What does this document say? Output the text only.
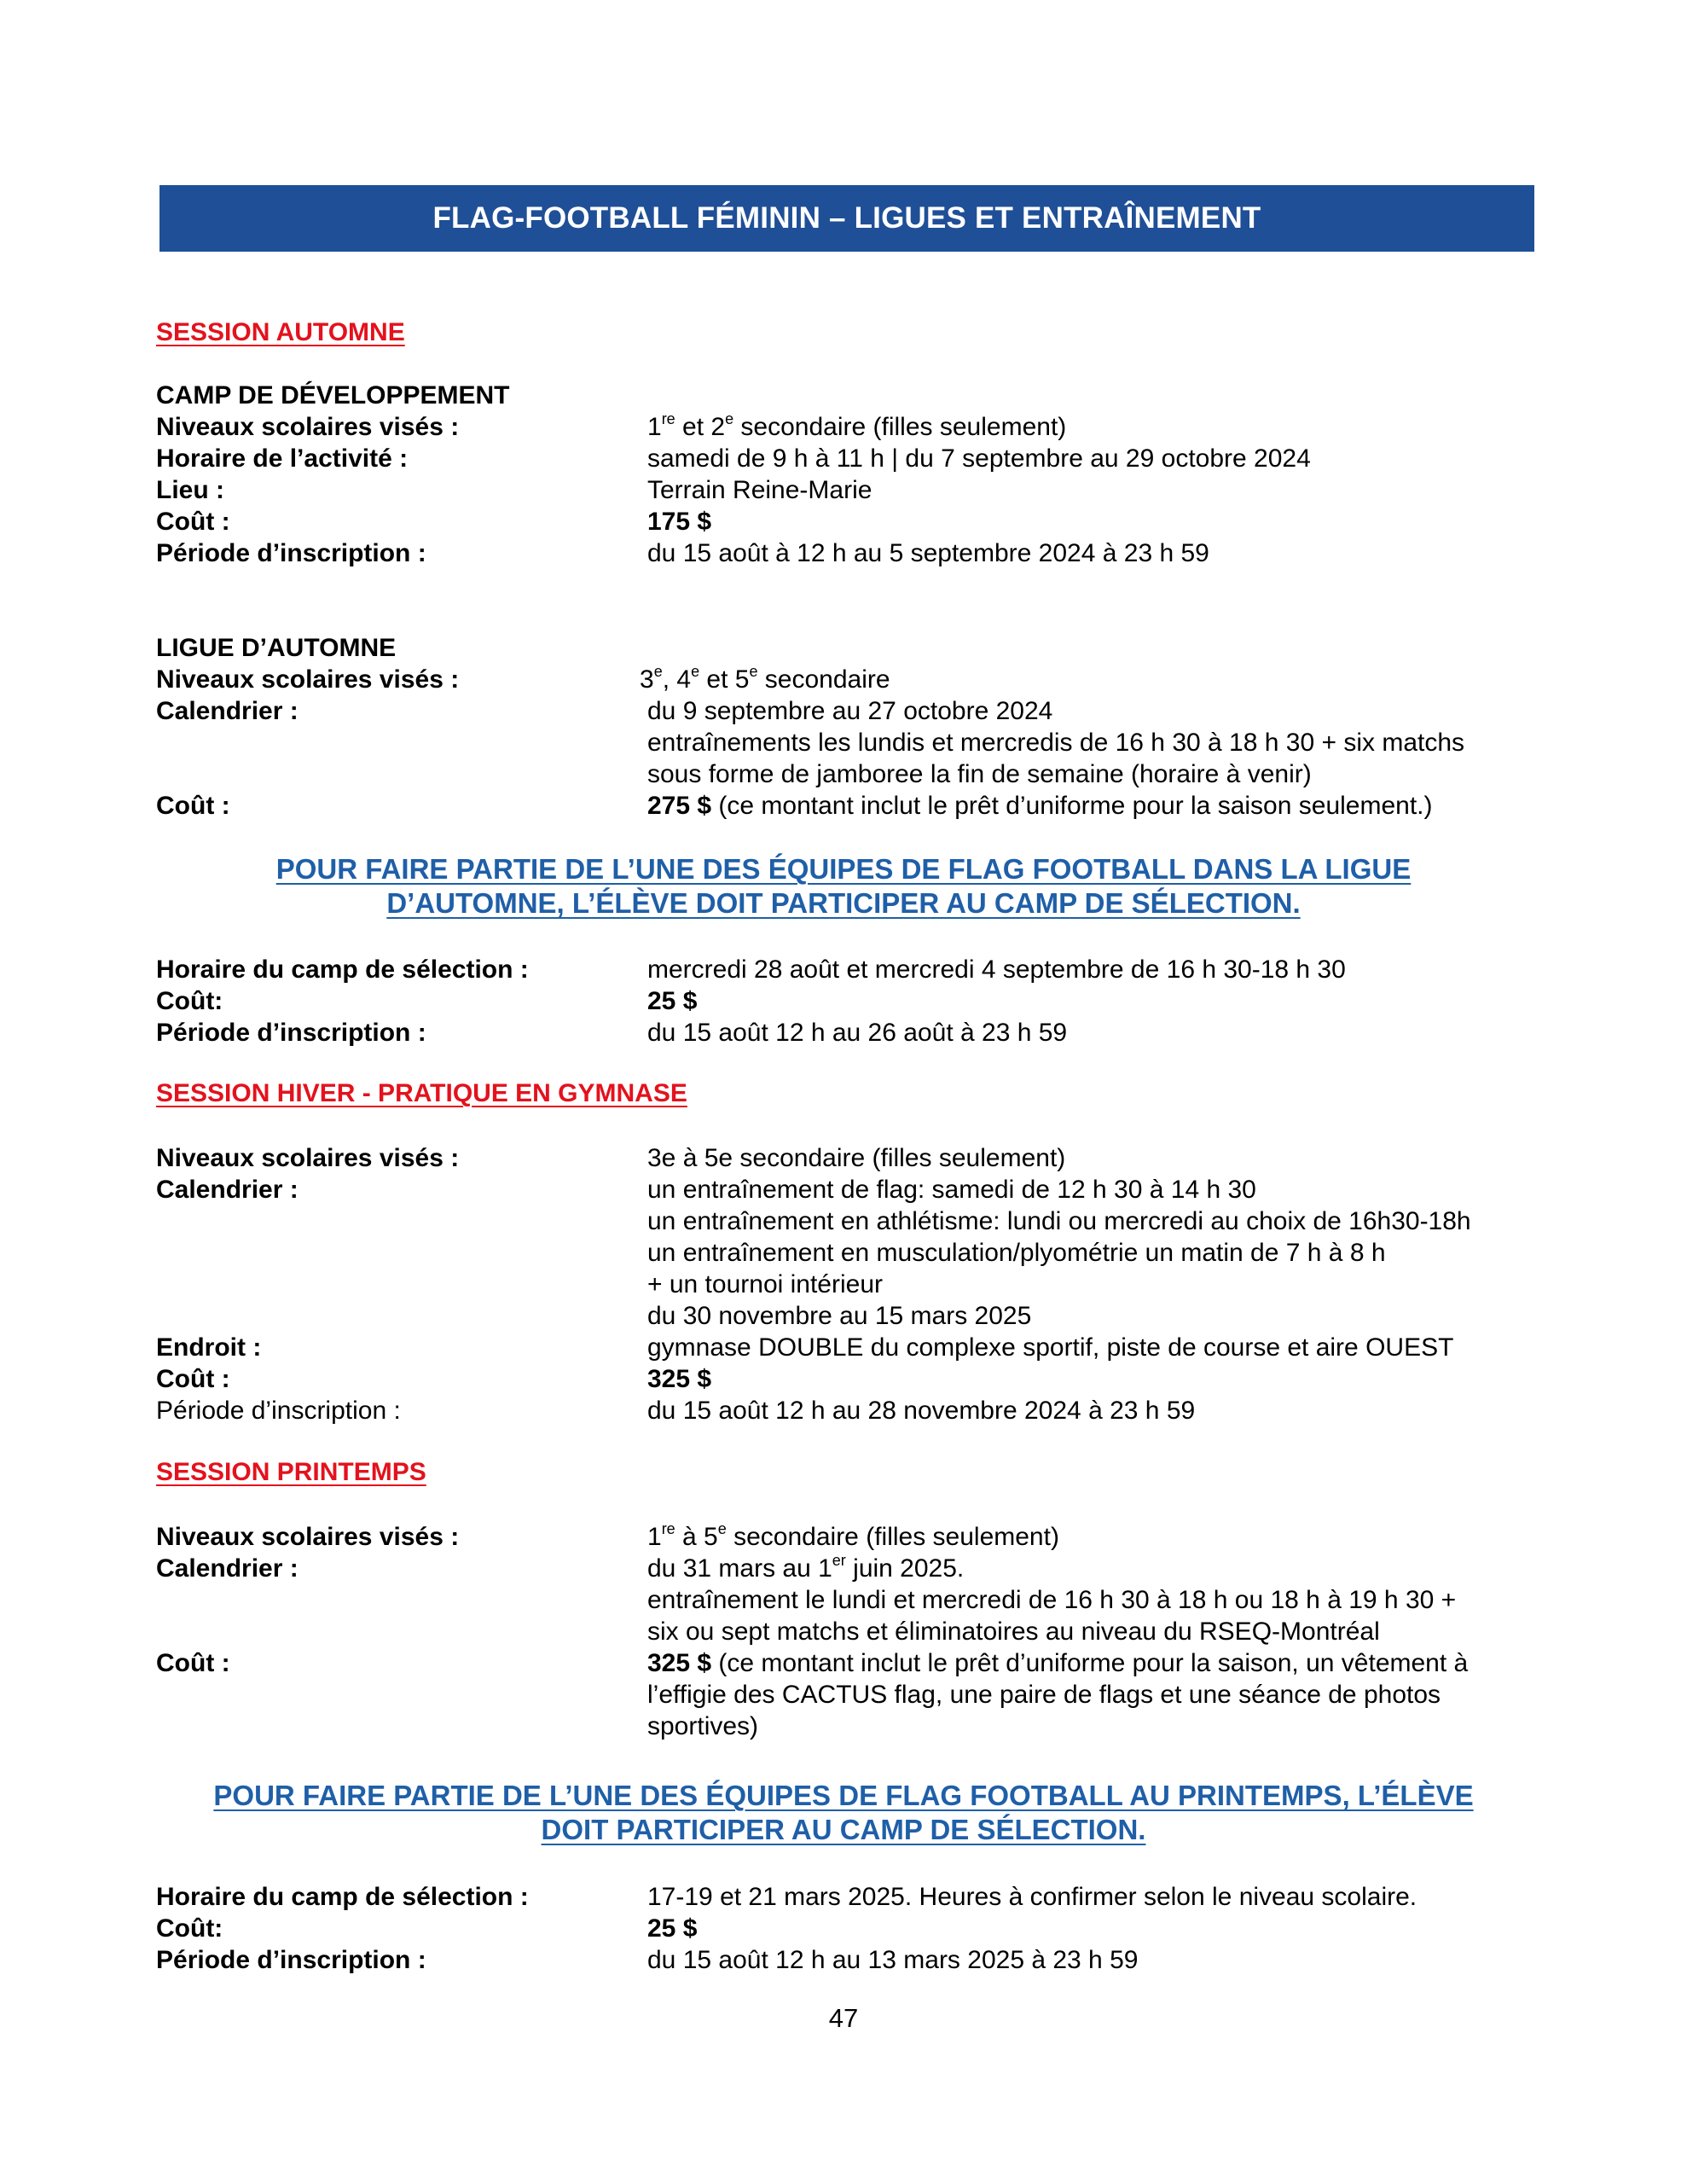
FLAG-FOOTBALL FÉMININ – LIGUES ET ENTRAÎNEMENT
SESSION AUTOMNE
CAMP DE DÉVELOPPEMENT
Niveaux scolaires visés :	1re et 2e secondaire (filles seulement)
Horaire de l’activité :	samedi de 9 h à 11 h | du 7 septembre au 29 octobre 2024
Lieu :	Terrain Reine-Marie
Coût :	175 $
Période d’inscription :	du 15 août à 12 h au 5 septembre 2024 à 23 h 59
LIGUE D’AUTOMNE
Niveaux scolaires visés :	3e, 4e et 5e secondaire
Calendrier :	du 9 septembre au 27 octobre 2024
entraînements les lundis et mercredis de 16 h 30 à 18 h 30 + six matchs
sous forme de jamboree la fin de semaine (horaire à venir)
Coût :	275 $ (ce montant inclut le prêt d’uniforme pour la saison seulement.)
POUR FAIRE PARTIE DE L’UNE DES ÉQUIPES DE FLAG FOOTBALL DANS LA LIGUE
D’AUTOMNE, L’ÉLÈVE DOIT PARTICIPER AU CAMP DE SÉLECTION.
Horaire du camp de sélection :	mercredi 28 août et mercredi 4 septembre de 16 h 30-18 h 30
Coût:	25 $
Période d’inscription :	du 15 août 12 h au 26 août à 23 h 59
SESSION HIVER - PRATIQUE EN GYMNASE
Niveaux scolaires visés :	3e à 5e secondaire (filles seulement)
Calendrier :	un entraînement de flag: samedi de 12 h 30 à 14 h 30
un entraînement en athlétisme: lundi ou mercredi au choix de 16h30-18h
un entraînement en musculation/plyométrie un matin de 7 h à 8 h
+ un tournoi intérieur
du 30 novembre au 15 mars 2025
Endroit :	gymnase DOUBLE du complexe sportif, piste de course et aire OUEST
Coût :	325 $
Période d’inscription :	du 15 août 12 h au 28 novembre 2024 à 23 h 59
SESSION PRINTEMPS
Niveaux scolaires visés :	1re à 5e secondaire (filles seulement)
Calendrier :	du 31 mars au 1er juin 2025.
entraînement le lundi et mercredi de 16 h 30 à 18 h ou 18 h à 19 h 30 +
six ou sept matchs et éliminatoires au niveau du RSEQ-Montréal
Coût :	325 $ (ce montant inclut le prêt d’uniforme pour la saison, un vêtement à
l’effigie des CACTUS flag, une paire de flags et une séance de photos
sportives)
POUR FAIRE PARTIE DE L’UNE DES ÉQUIPES DE FLAG FOOTBALL AU PRINTEMPS, L’ÉLÈVE
DOIT PARTICIPER AU CAMP DE SÉLECTION.
Horaire du camp de sélection :	17-19 et 21 mars 2025. Heures à confirmer selon le niveau scolaire.
Coût:	25 $
Période d’inscription :	du 15 août 12 h au 13 mars 2025 à 23 h 59
47
